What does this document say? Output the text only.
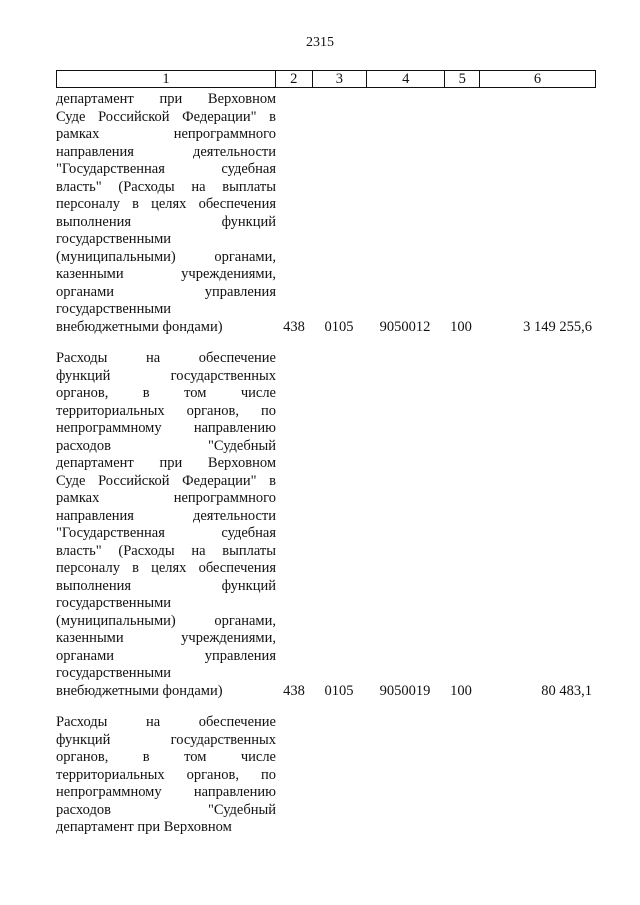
2315
1	2	3	4	5	6
департамент при Верховном
Суде Российской Федерации" в
рамках непрограммного
направления деятельности
"Государственная судебная
власть" (Расходы на выплаты
персоналу в целях обеспечения
выполнения функций
государственными
(муниципальными) органами,
казенными учреждениями,
органами управления
государственными
внебюджетными фондами)	438	0105	9050012	100	3 149 255,6
Расходы на обеспечение
функций государственных
органов, в том числе
территориальных органов, по
непрограммному направлению
расходов "Судебный
департамент при Верховном
Суде Российской Федерации" в
рамках непрограммного
направления деятельности
"Государственная судебная
власть" (Расходы на выплаты
персоналу в целях обеспечения
выполнения функций
государственными
(муниципальными) органами,
казенными учреждениями,
органами управления
государственными
внебюджетными фондами)	438	0105	9050019	100	80 483,1
Расходы на обеспечение
функций государственных
органов, в том числе
территориальных органов, по
непрограммному направлению
расходов "Судебный
департамент при Верховном
